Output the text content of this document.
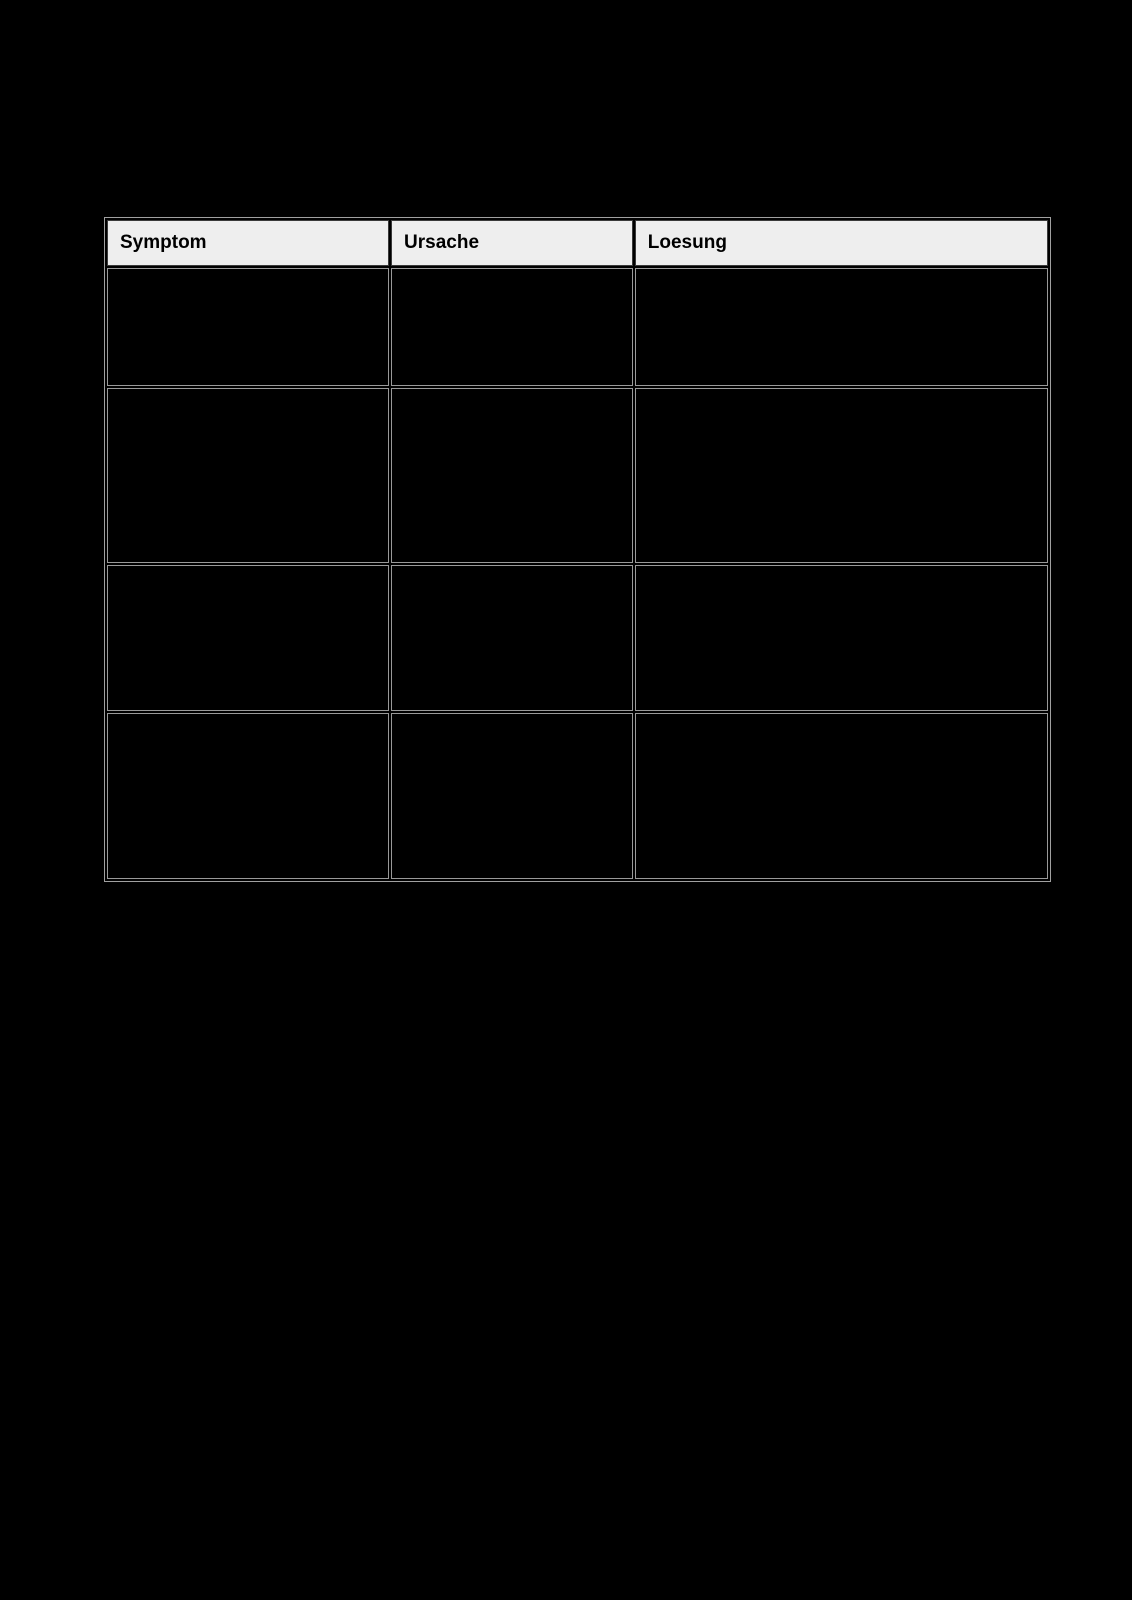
Symptom	Ursache	Loesung
